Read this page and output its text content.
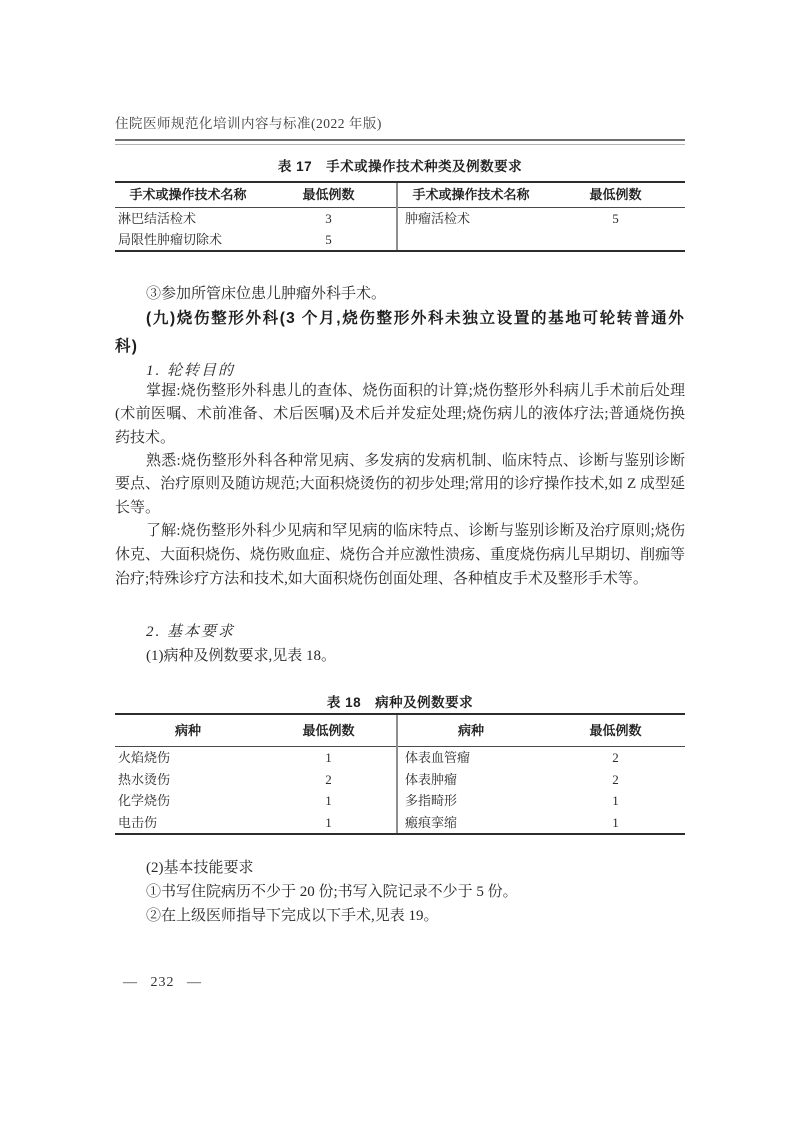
住院医师规范化培训内容与标准(2022 年版)
表 17　手术或操作技术种类及例数要求
手术或操作技术名称	最低例数	手术或操作技术名称	最低例数
淋巴结活检术	3	肿瘤活检术	5
局限性肿瘤切除术	5
③参加所管床位患儿肿瘤外科手术。
(九)烧伤整形外科(3 个月,烧伤整形外科未独立设置的基地可轮转普通外科)
1. 轮转目的
掌握:烧伤整形外科患儿的查体、烧伤面积的计算;烧伤整形外科病儿手术前后处理(术前医嘱、术前准备、术后医嘱)及术后并发症处理;烧伤病儿的液体疗法;普通烧伤换药技术。
熟悉:烧伤整形外科各种常见病、多发病的发病机制、临床特点、诊断与鉴别诊断要点、治疗原则及随访规范;大面积烧烫伤的初步处理;常用的诊疗操作技术,如 Z 成型延长等。
了解:烧伤整形外科少见病和罕见病的临床特点、诊断与鉴别诊断及治疗原则;烧伤休克、大面积烧伤、烧伤败血症、烧伤合并应激性溃疡、重度烧伤病儿早期切、削痂等治疗;特殊诊疗方法和技术,如大面积烧伤创面处理、各种植皮手术及整形手术等。
2. 基本要求
(1)病种及例数要求,见表 18。
表 18　病种及例数要求
病种	最低例数	病种	最低例数
火焰烧伤	1	体表血管瘤	2
热水烫伤	2	体表肿瘤	2
化学烧伤	1	多指畸形	1
电击伤	1	瘢痕挛缩	1
(2)基本技能要求
①书写住院病历不少于 20 份;书写入院记录不少于 5 份。
②在上级医师指导下完成以下手术,见表 19。
— 232 —
